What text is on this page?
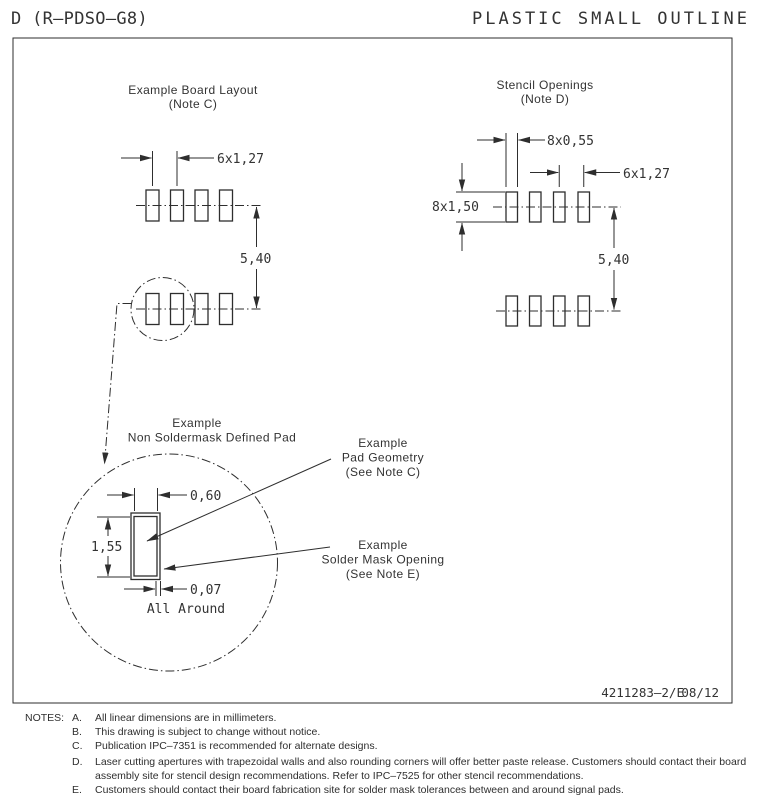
D (R–PDSO–G8)	PLASTIC SMALL OUTLINE
Example Board Layout
(Note C)
6x1,27
5,40
Stencil Openings
(Note D)
8x0,55
6x1,27
8x1,50
5,40
Example
Non Soldermask Defined Pad
0,60
1,55
0,07
All Around
Example
Pad Geometry
(See Note C)
Example
Solder Mask Opening
(See Note E)
4211283–2/E
08/12
NOTES: A. All linear dimensions are in millimeters.
B. This drawing is subject to change without notice.
C. Publication IPC–7351 is recommended for alternate designs.
D. Laser cutting apertures with trapezoidal walls and also rounding corners will offer better paste release. Customers should contact their board assembly site for stencil design recommendations. Refer to IPC–7525 for other stencil recommendations.
E. Customers should contact their board fabrication site for solder mask tolerances between and around signal pads.
